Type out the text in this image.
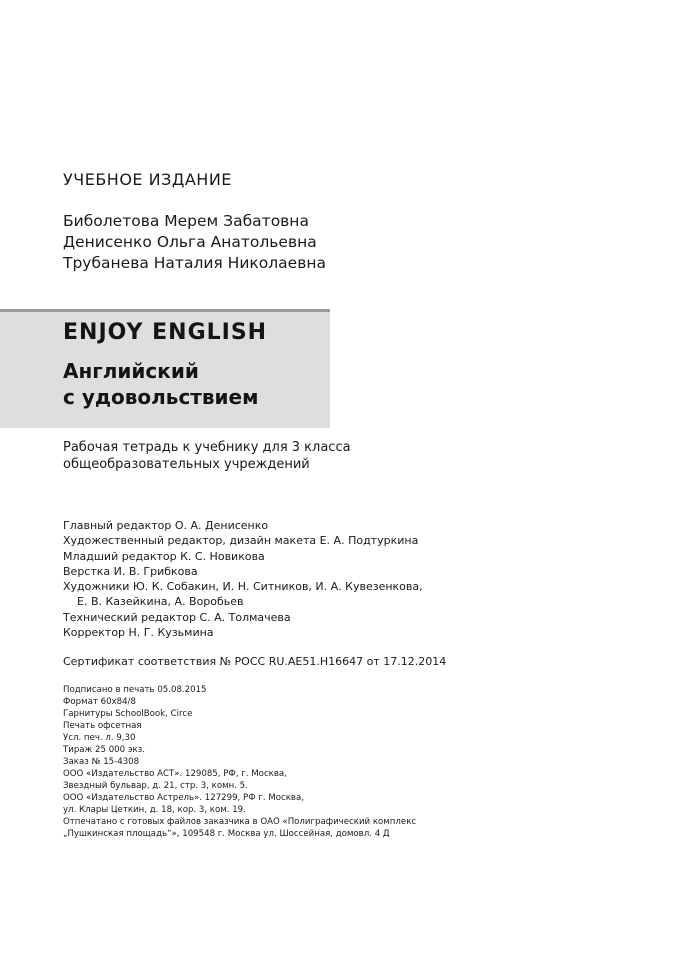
УЧЕБНОЕ ИЗДАНИЕ
Биболетова Мерем Забатовна
Денисенко Ольга Анатольевна
Трубанева Наталия Николаевна
ENJOY ENGLISH
Английский
с удовольствием
Рабочая тетрадь к учебнику для 3 класса
общеобразовательных учреждений
Главный редактор О. А. Денисенко
Художественный редактор, дизайн макета Е. А. Подтуркина
Младший редактор К. С. Новикова
Верстка И. В. Грибкова
Художники Ю. К. Собакин, И. Н. Ситников, И. А. Кувезенкова,
Е. В. Казейкина, А. Воробьев
Технический редактор С. А. Толмачева
Корректор Н. Г. Кузьмина
Сертификат соответствия № РОСС RU.AE51.H16647 от 17.12.2014
Подписано в печать 05.08.2015
Формат 60х84/8
Гарнитуры SchoolBook, Circe
Печать офсетная
Усл. печ. л. 9,30
Тираж 25 000 экз.
Заказ № 15-4308
ООО «Издательство АСТ». 129085, РФ, г. Москва,
Звездный бульвар, д. 21, стр. 3, комн. 5.
ООО «Издательство Астрель». 127299, РФ г. Москва,
ул. Клары Цеткин, д. 18, кор. 3, ком. 19.
Отпечатано с готовых файлов заказчика в ОАО «Полиграфический комплекс
„Пушкинская площадь“», 109548 г. Москва ул. Шоссейная, домовл. 4 Д
